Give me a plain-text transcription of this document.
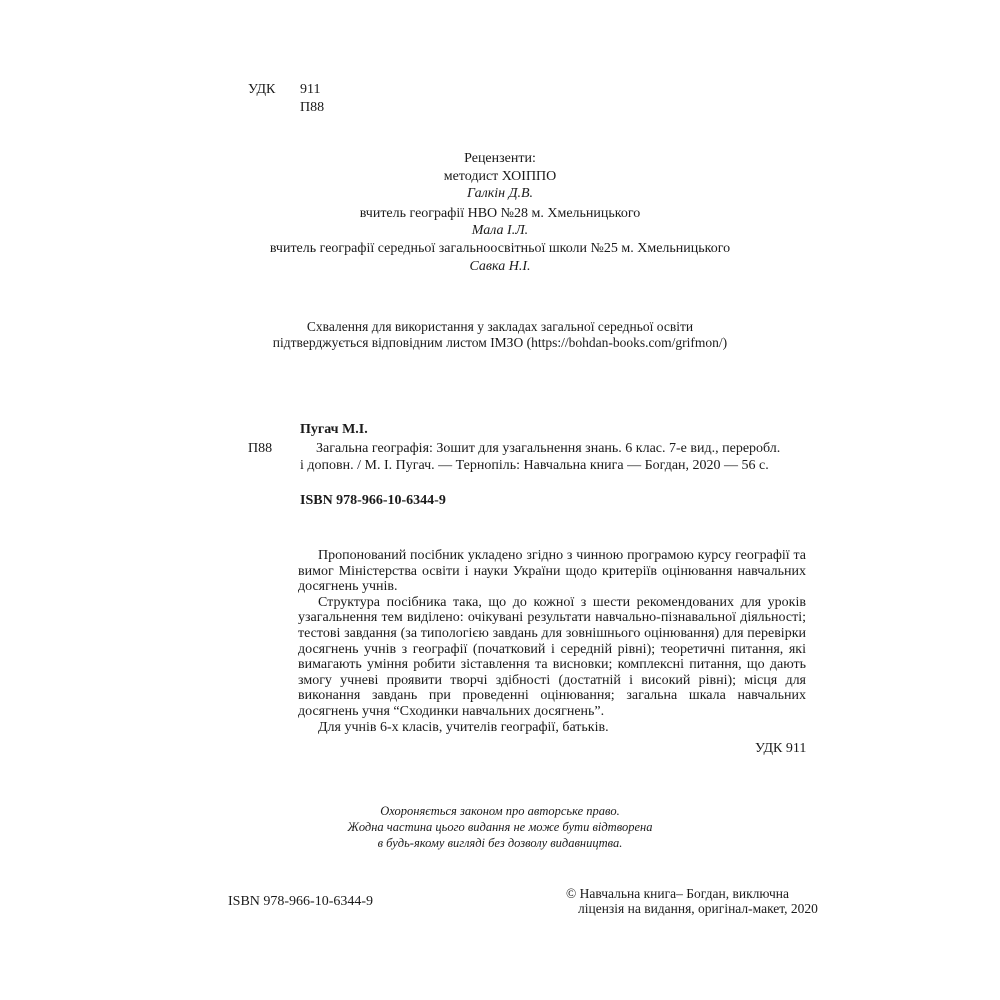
УДК 911
П88
Рецензенти:
методист ХОІППО
Галкін Д.В.
вчитель географії НВО №28 м. Хмельницького
Мала І.Л.
вчитель географії середньої загальноосвітньої школи №25 м. Хмельницького
Савка Н.І.
Схвалення для використання у закладах загальної середньої освіти
підтверджується відповідним листом ІМЗО (https://bohdan-books.com/grifmon/)
Пугач М.І.
П88	Загальна географія: Зошит для узагальнення знань. 6 клас. 7-е вид., переробл.
і доповн. / М. І. Пугач. — Тернопіль: Навчальна книга — Богдан, 2020 — 56 с.
ISBN 978-966-10-6344-9

Пропонований посібник укладено згідно з чинною програмою курсу географії та вимог Міністерства освіти і науки України щодо критеріїв оцінювання навчальних досягнень учнів.

Структура посібника така, що до кожної з шести рекомендованих для уроків узагальнення тем виділено: очікувані результати навчально-пізнавальної діяльності; тестові завдання (за типологією завдань для зовнішнього оцінювання) для перевірки досягнень учнів з географії (початковий і середній рівні); теоретичні питання, які вимагають уміння робити зіставлення та висновки; комплексні питання, що дають змогу учневі проявити творчі здібності (достатній і високий рівні); місця для виконання завдань при проведенні оцінювання; загальна шкала навчальних досягнень учня “Сходинки навчальних досягнень”.

Для учнів 6-х класів, учителів географії, батьків.

УДК 911
Охороняється законом про авторське право.
Жодна частина цього видання не може бути відтворена
в будь-якому вигляді без дозволу видавництва.
ISBN 978-966-10-6344-9
© Навчальна книга– Богдан, виключна
ліцензія на видання, оригінал-макет, 2020
